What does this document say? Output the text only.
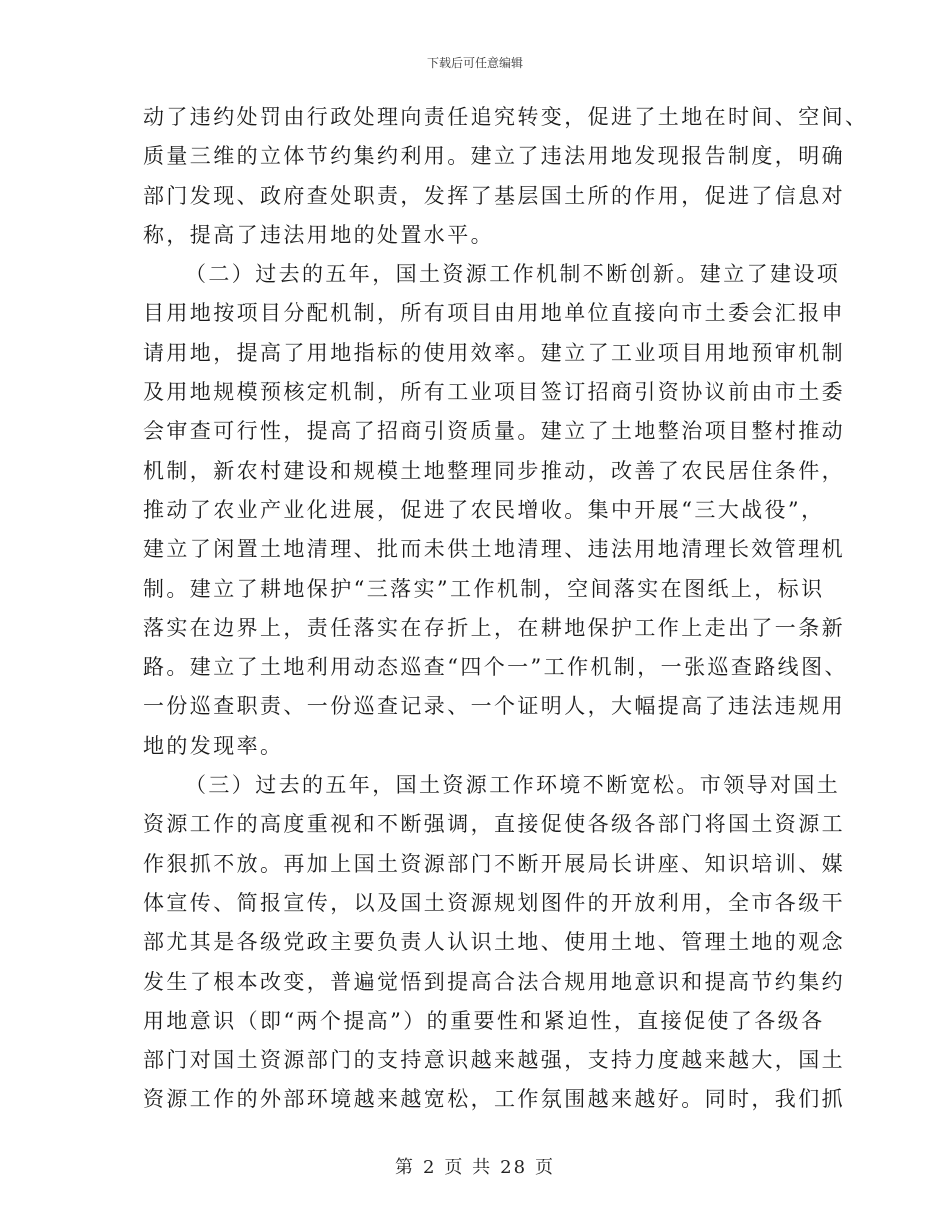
下载后可任意编辑
动了违约处罚由行政处理向责任追究转变，促进了土地在时间、空间、
质量三维的立体节约集约利用。建立了违法用地发现报告制度，明确
部门发现、政府查处职责，发挥了基层国土所的作用，促进了信息对
称，提高了违法用地的处置水平。
（二）过去的五年，国土资源工作机制不断创新。建立了建设项
目用地按项目分配机制，所有项目由用地单位直接向市土委会汇报申
请用地，提高了用地指标的使用效率。建立了工业项目用地预审机制
及用地规模预核定机制，所有工业项目签订招商引资协议前由市土委
会审查可行性，提高了招商引资质量。建立了土地整治项目整村推动
机制，新农村建设和规模土地整理同步推动，改善了农民居住条件，
推动了农业产业化进展，促进了农民增收。集中开展“三大战役”，
建立了闲置土地清理、批而未供土地清理、违法用地清理长效管理机
制。建立了耕地保护“三落实”工作机制，空间落实在图纸上，标识
落实在边界上，责任落实在存折上，在耕地保护工作上走出了一条新
路。建立了土地利用动态巡查“四个一”工作机制，一张巡查路线图、
一份巡查职责、一份巡查记录、一个证明人，大幅提高了违法违规用
地的发现率。
（三）过去的五年，国土资源工作环境不断宽松。市领导对国土
资源工作的高度重视和不断强调，直接促使各级各部门将国土资源工
作狠抓不放。再加上国土资源部门不断开展局长讲座、知识培训、媒
体宣传、简报宣传，以及国土资源规划图件的开放利用，全市各级干
部尤其是各级党政主要负责人认识土地、使用土地、管理土地的观念
发生了根本改变，普遍觉悟到提高合法合规用地意识和提高节约集约
用地意识（即“两个提高”）的重要性和紧迫性，直接促使了各级各
部门对国土资源部门的支持意识越来越强，支持力度越来越大，国土
资源工作的外部环境越来越宽松，工作氛围越来越好。同时，我们抓
第 2 页 共 28 页
